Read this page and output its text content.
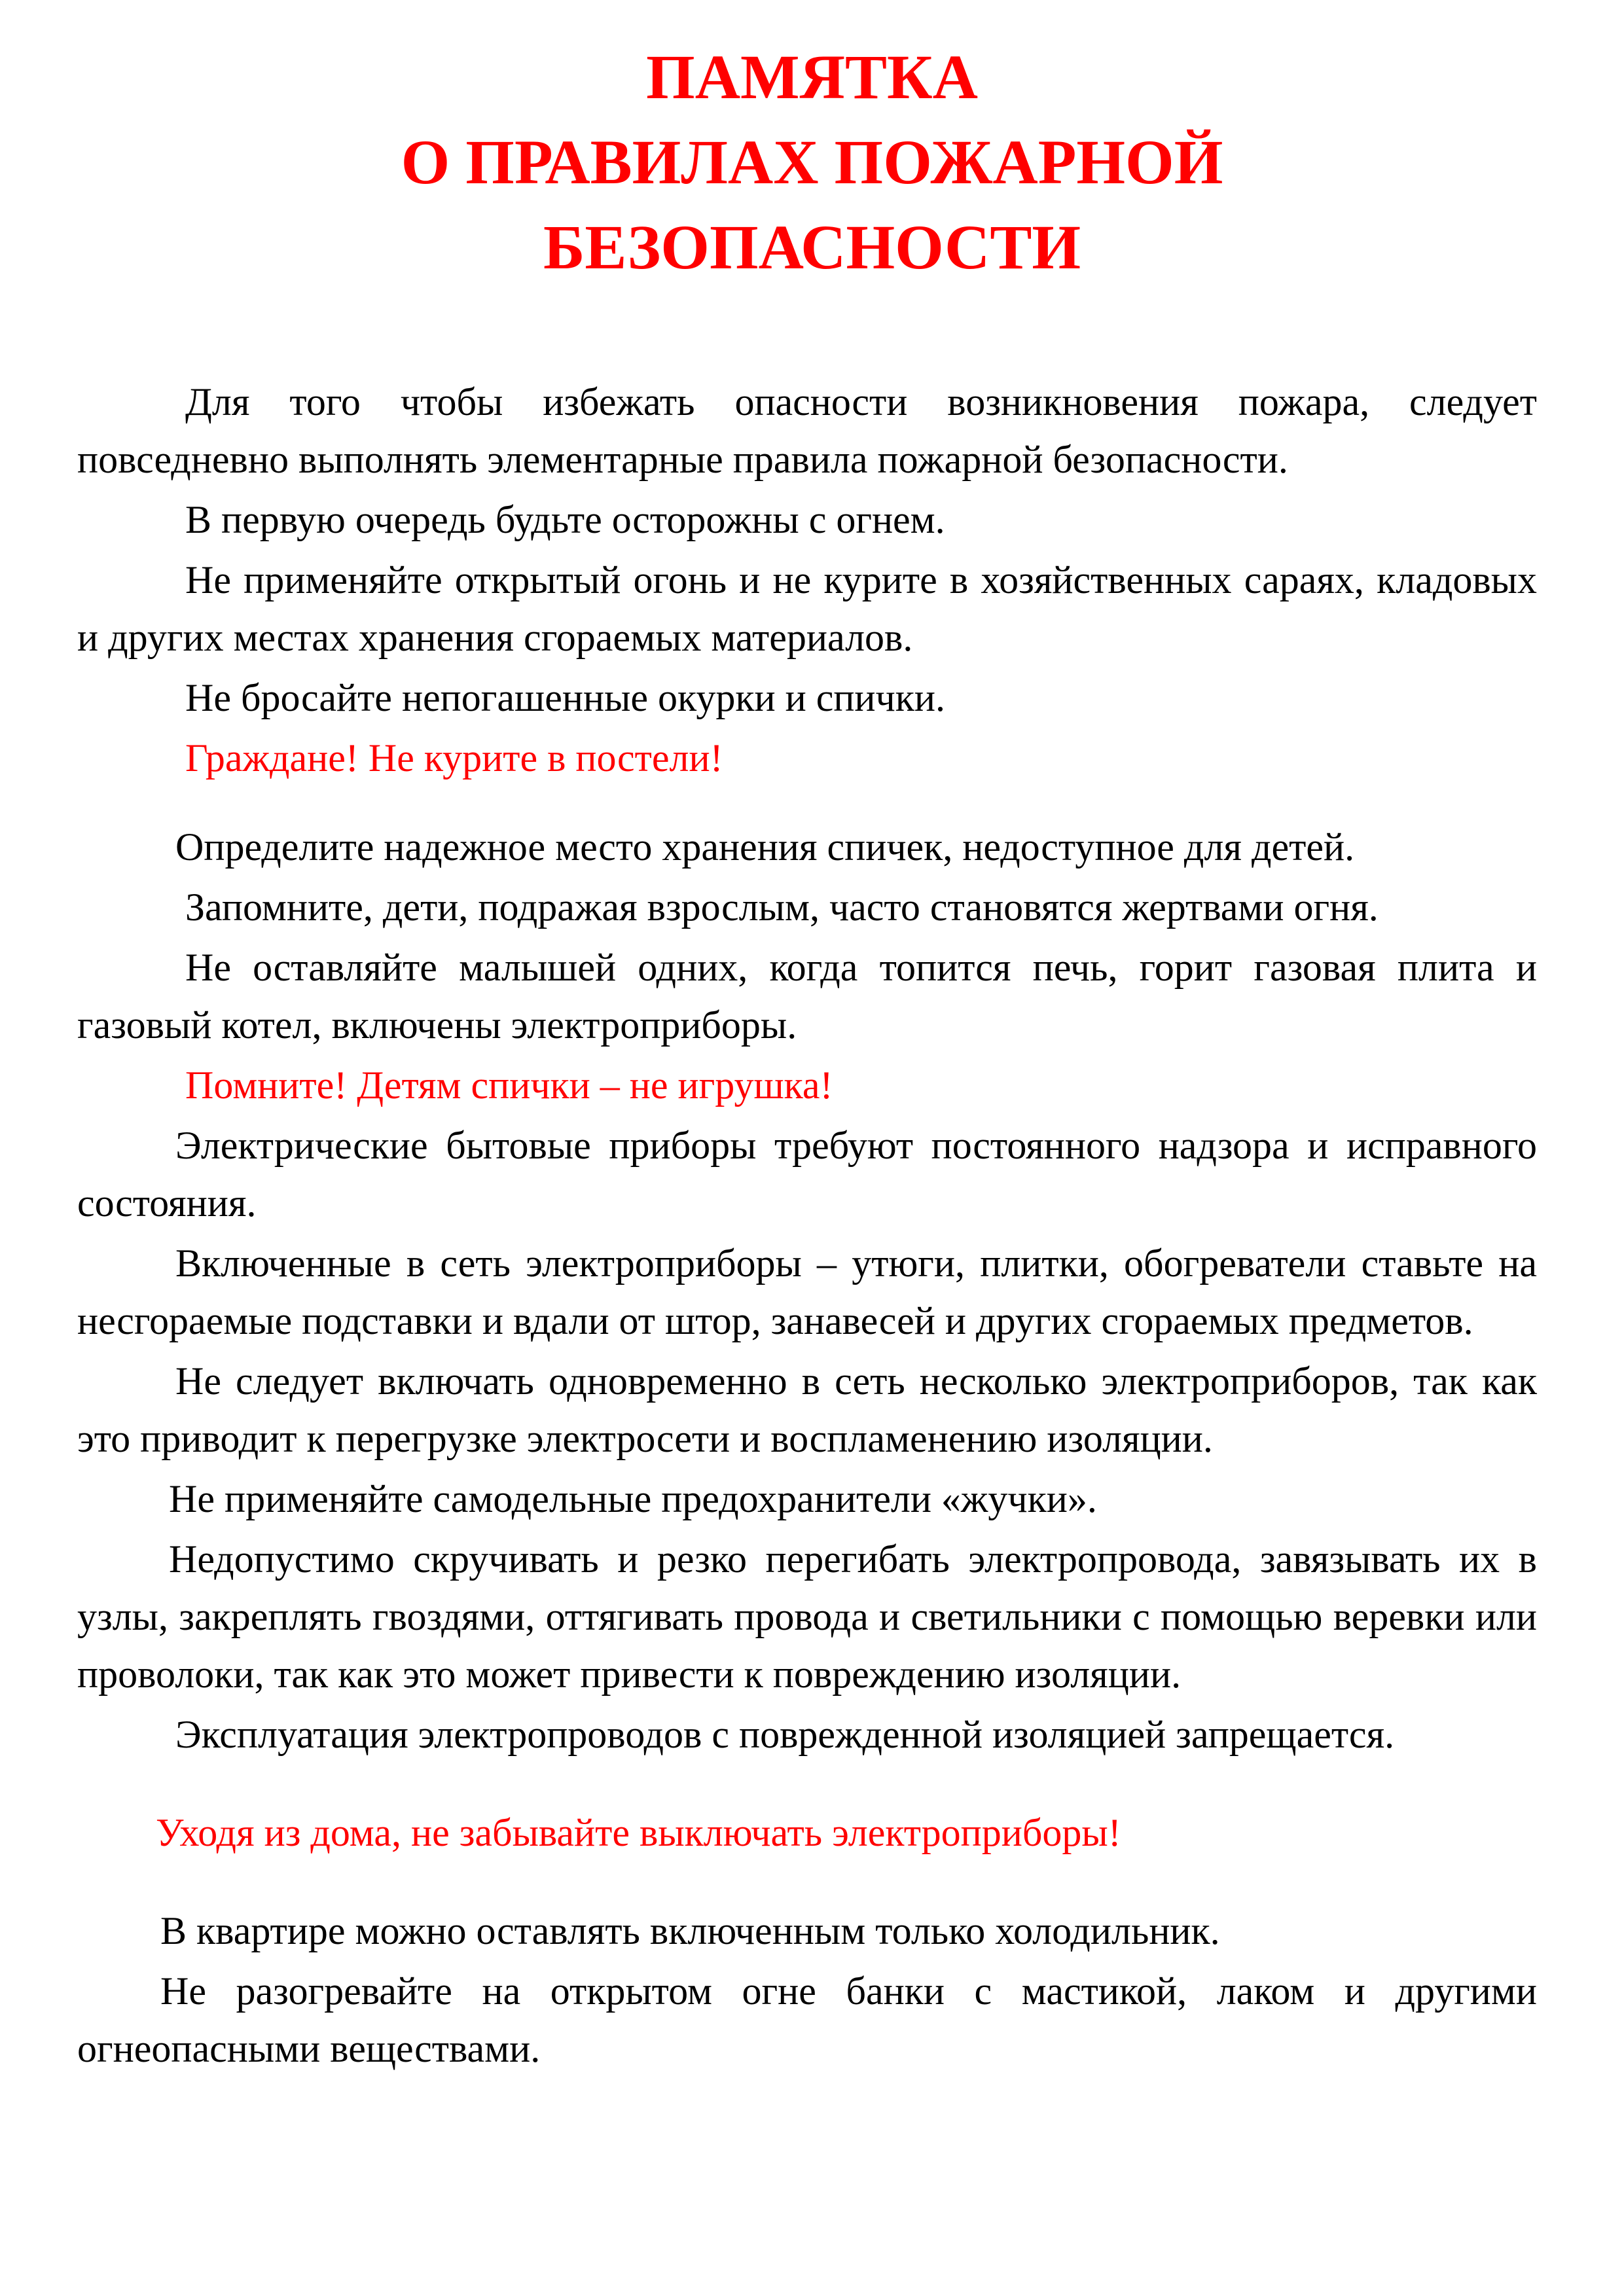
ПАМЯТКА
О ПРАВИЛАХ ПОЖАРНОЙ
БЕЗОПАСНОСТИ

Для того чтобы избежать опасности возникновения пожара, следует повседневно выполнять элементарные правила пожарной безопасности.

В первую очередь будьте осторожны с огнем.

Не применяйте открытый огонь и не курите в хозяйственных сараях, кладовых и других местах хранения сгораемых материалов.

Не бросайте непогашенные окурки и спички.

Граждане! Не курите в постели!

Определите надежное место хранения спичек, недоступное для детей.

Запомните, дети, подражая взрослым, часто становятся жертвами огня.

Не оставляйте малышей одних, когда топится печь, горит газовая плита и газовый котел, включены электроприборы.

Помните! Детям спички – не игрушка!

Электрические бытовые приборы требуют постоянного надзора и исправного состояния.

Включенные в сеть электроприборы – утюги, плитки, обогреватели ставьте на несгораемые подставки и вдали от штор, занавесей и других сгораемых предметов.

Не следует включать одновременно в сеть несколько электроприборов, так как это приводит к перегрузке электросети и воспламенению изоляции.

Не применяйте самодельные предохранители «жучки».

Недопустимо скручивать и резко перегибать электропровода, завязывать их в узлы, закреплять гвоздями, оттягивать провода и светильники с помощью веревки или проволоки, так как это может привести к повреждению изоляции.

Эксплуатация электропроводов с поврежденной изоляцией запрещается.

Уходя из дома, не забывайте выключать электроприборы!

В квартире можно оставлять включенным только холодильник.

Не разогревайте на открытом огне банки с мастикой, лаком и другими огнеопасными веществами.
